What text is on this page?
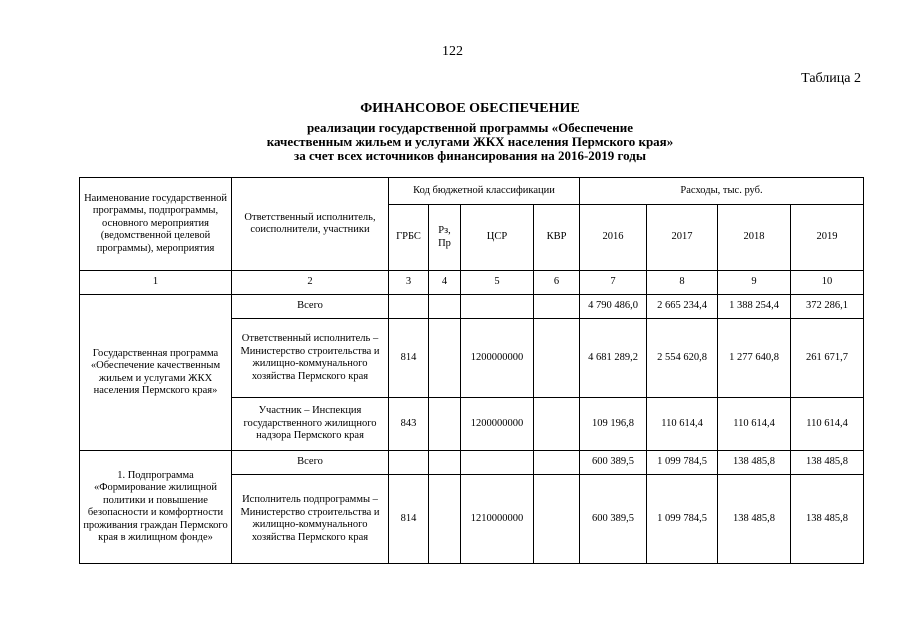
122
Таблица 2
ФИНАНСОВОЕ ОБЕСПЕЧЕНИЕ
реализации государственной программы «Обеспечение
качественным жильем и услугами ЖКХ населения Пермского края»
за счет всех источников финансирования на 2016-2019 годы
Наименование государственной программы, подпрограммы, основного мероприятия (ведомственной целевой программы), мероприятия	Ответственный исполнитель, соисполнители, участники	Код бюджетной классификации				Расходы, тыс. руб.			
		ГРБС	Рз, Пр	ЦСР	КВР	2016	2017	2018	2019
1	2	3	4	5	6	7	8	9	10
Государственная программа «Обеспечение качественным жильем и услугами ЖКХ населения Пермского края»	Всего					4 790 486,0	2 665 234,4	1 388 254,4	372 286,1
	Ответственный исполнитель – Министерство строительства и жилищно-коммунального хозяйства Пермского края	814		1200000000		4 681 289,2	2 554 620,8	1 277 640,8	261 671,7
	Участник – Инспекция государственного жилищного надзора Пермского края	843		1200000000		109 196,8	110 614,4	110 614,4	110 614,4
1. Подпрограмма «Формирование жилищной политики и повышение безопасности и комфортности проживания граждан Пермского края в жилищном фонде»	Всего					600 389,5	1 099 784,5	138 485,8	138 485,8
	Исполнитель подпрограммы – Министерство строительства и жилищно-коммунального хозяйства Пермского края	814		1210000000		600 389,5	1 099 784,5	138 485,8	138 485,8
